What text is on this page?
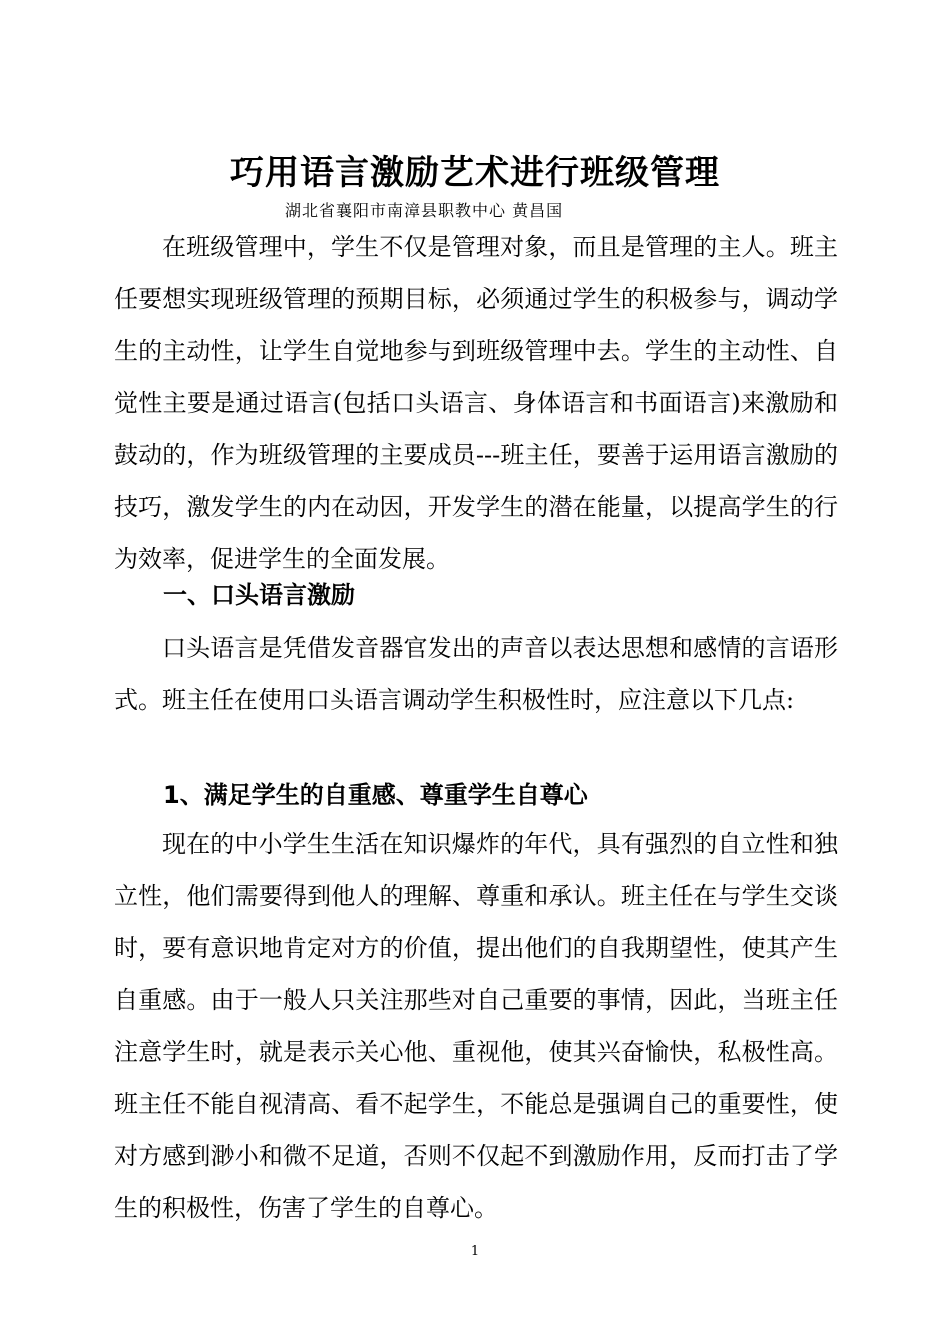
巧用语言激励艺术进行班级管理
湖北省襄阳市南漳县职教中心 黄昌国

在班级管理中，学生不仅是管理对象，而且是管理的主人。班主任要想实现班级管理的预期目标，必须通过学生的积极参与，调动学生的主动性，让学生自觉地参与到班级管理中去。学生的主动性、自觉性主要是通过语言(包括口头语言、身体语言和书面语言)来激励和鼓动的，作为班级管理的主要成员---班主任，要善于运用语言激励的技巧，激发学生的内在动因，开发学生的潜在能量，以提高学生的行为效率，促进学生的全面发展。

一、口头语言激励

口头语言是凭借发音器官发出的声音以表达思想和感情的言语形式。班主任在使用口头语言调动学生积极性时，应注意以下几点:

1、满足学生的自重感、尊重学生自尊心

现在的中小学生生活在知识爆炸的年代，具有强烈的自立性和独立性，他们需要得到他人的理解、尊重和承认。班主任在与学生交谈时，要有意识地肯定对方的价值，提出他们的自我期望性，使其产生自重感。由于一般人只关注那些对自己重要的事情，因此，当班主任注意学生时，就是表示关心他、重视他，使其兴奋愉快，私极性高。班主任不能自视清高、看不起学生，不能总是强调自己的重要性，使对方感到渺小和微不足道，否则不仅起不到激励作用，反而打击了学生的积极性，伤害了学生的自尊心。

1
